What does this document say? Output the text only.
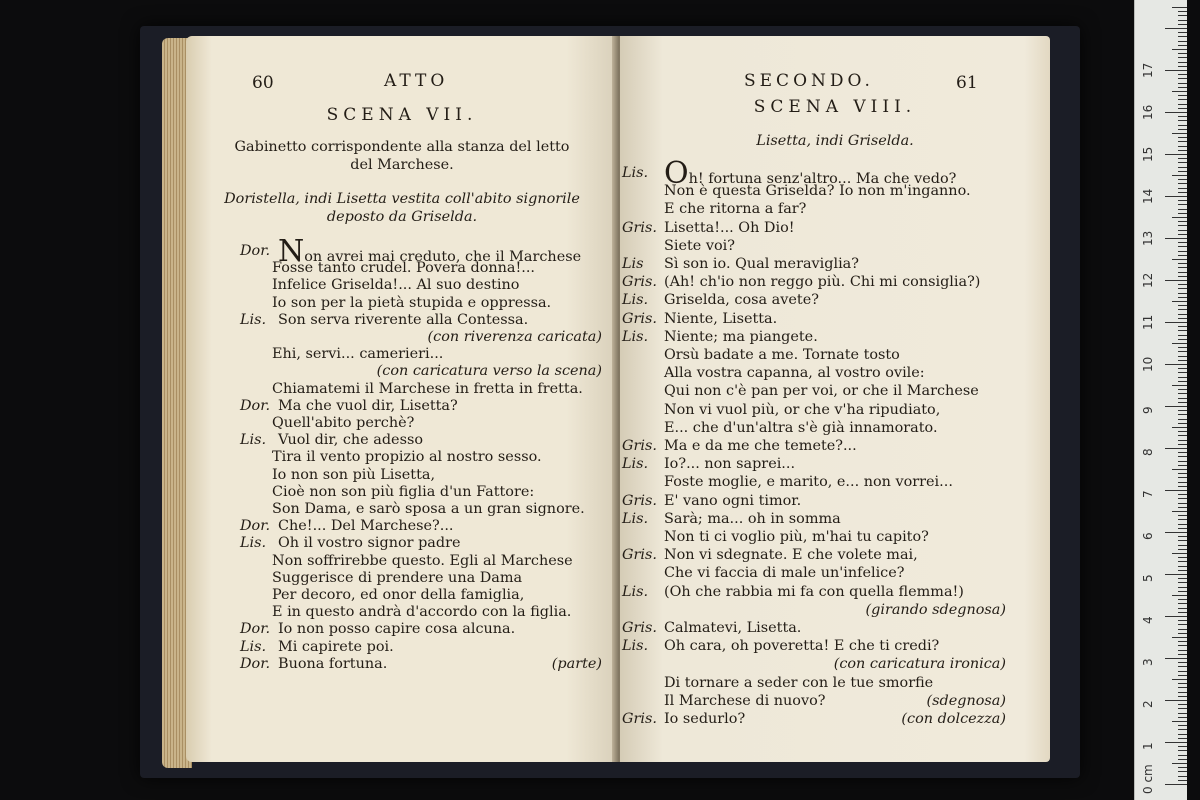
60	ATTO
SCENA VII.
Gabinetto corrispondente alla stanza del letto
del Marchese.
Doristella, indi Lisetta vestita coll'abito signorile
deposto da Griselda.
Dor. Non avrei mai creduto, che il Marchese
Fosse tanto crudel. Povera donna!...
Infelice Griselda!... Al suo destino
Io son per la pietà stupida e oppressa.
Lis. Son serva riverente alla Contessa.
(con riverenza caricata)
Ehi, servi... camerieri...
(con caricatura verso la scena)
Chiamatemi il Marchese in fretta in fretta.
Dor. Ma che vuol dir, Lisetta?
Quell'abito perchè?
Lis. Vuol dir, che adesso
Tira il vento propizio al nostro sesso.
Io non son più Lisetta,
Cioè non son più figlia d'un Fattore:
Son Dama, e sarò sposa a un gran signore.
Dor. Che!... Del Marchese?...
Lis. Oh il vostro signor padre
Non soffrirebbe questo. Egli al Marchese
Suggerisce di prendere una Dama
Per decoro, ed onor della famiglia,
E in questo andrà d'accordo con la figlia.
Dor. Io non posso capire cosa alcuna.
Lis. Mi capirete poi.
Dor. Buona fortuna.	(parte)
SECONDO.	61
SCENA VIII.
Lisetta, indi Griselda.
Lis. Oh! fortuna senz'altro... Ma che vedo?
Non è questa Griselda? Io non m'inganno.
E che ritorna a far?
Gris. Lisetta!... Oh Dio!
Siete voi?
Lis Sì son io. Qual meraviglia?
Gris. (Ah! ch'io non reggo più. Chi mi consiglia?)
Lis. Griselda, cosa avete?
Gris. Niente, Lisetta.
Lis. Niente; ma piangete.
Orsù badate a me. Tornate tosto
Alla vostra capanna, al vostro ovile:
Qui non c'è pan per voi, or che il Marchese
Non vi vuol più, or che v'ha ripudiato,
E... che d'un'altra s'è già innamorato.
Gris. Ma e da me che temete?...
Lis. Io?... non saprei...
Foste moglie, e marito, e... non vorrei...
Gris. E' vano ogni timor.
Lis. Sarà; ma... oh in somma
Non ti ci voglio più, m'hai tu capito?
Gris. Non vi sdegnate. E che volete mai,
Che vi faccia di male un'infelice?
Lis. (Oh che rabbia mi fa con quella flemma!)
(girando sdegnosa)
Gris. Calmatevi, Lisetta.
Lis. Oh cara, oh poveretta! E che ti credi?
(con caricatura ironica)
Di tornare a seder con le tue smorfie
Il Marchese di nuovo?	(sdegnosa)
Gris. Io sedurlo?	(con dolcezza)
0 cm
1
2
3
4
5
6
7
8
9
10
11
12
13
14
15
16
17
